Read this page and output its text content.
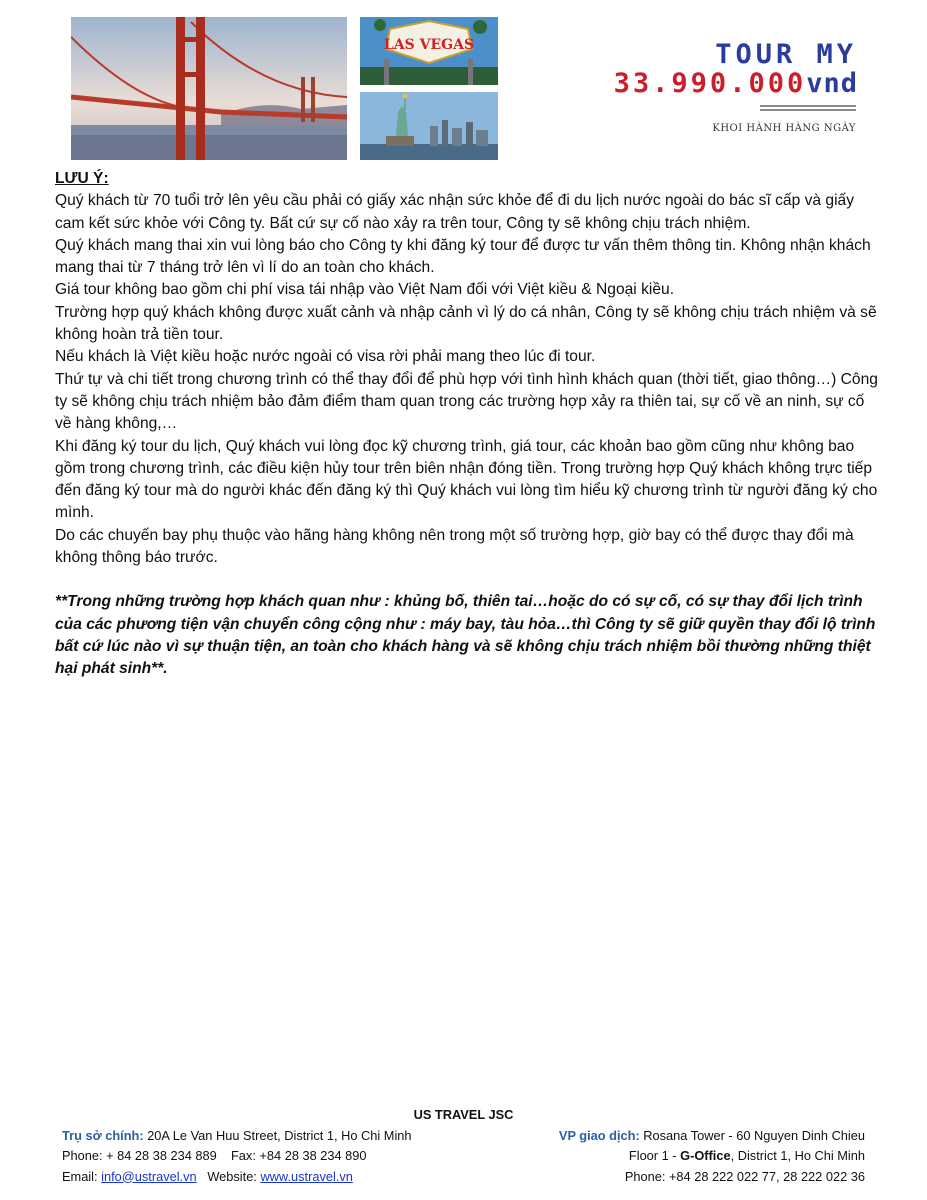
LAS VEGAS	TOUR MY
33.990.000vnd
KHOI HÀNH HÀNG NGÀY

LƯU Ý:

Quý khách từ 70 tuổi trở lên yêu cầu phải có giấy xác nhận sức khỏe để đi du lịch nước ngoài do bác sĩ cấp và giấy cam kết sức khỏe với Công ty. Bất cứ sự cố nào xảy ra trên tour, Công ty sẽ không chịu trách nhiệm.

Quý khách mang thai xin vui lòng báo cho Công ty khi đăng ký tour để được tư vấn thêm thông tin. Không nhận khách mang thai từ 7 tháng trở lên vì lí do an toàn cho khách.

Giá tour không bao gồm chi phí visa tái nhập vào Việt Nam đối với Việt kiều & Ngoại kiều.

Trường hợp quý khách không được xuất cảnh và nhập cảnh vì lý do cá nhân, Công ty sẽ không chịu trách nhiệm và sẽ không hoàn trả tiền tour.

Nếu khách là Việt kiều hoặc nước ngoài có visa rời phải mang theo lúc đi tour.

Thứ tự và chi tiết trong chương trình có thể thay đổi để phù hợp với tình hình khách quan (thời tiết, giao thông…) Công ty sẽ không chịu trách nhiệm bảo đảm điểm tham quan trong các trường hợp xảy ra thiên tai, sự cố về an ninh, sự cố về hàng không,…

Khi đăng ký tour du lịch, Quý khách vui lòng đọc kỹ chương trình, giá tour, các khoản bao gồm cũng như không bao gồm trong chương trình, các điều kiện hủy tour trên biên nhận đóng tiền. Trong trường hợp Quý khách không trực tiếp đến đăng ký tour mà do người khác đến đăng ký thì Quý khách vui lòng tìm hiểu kỹ chương trình từ người đăng ký cho mình.

Do các chuyến bay phụ thuộc vào hãng hàng không nên trong một số trường hợp, giờ bay có thể được thay đổi mà không thông báo trước.

**Trong những trường hợp khách quan như : khủng bố, thiên tai…hoặc do có sự cố, có sự thay đổi lịch trình của các phương tiện vận chuyển công cộng như : máy bay, tàu hỏa…thì Công ty sẽ giữ quyền thay đổi lộ trình bất cứ lúc nào vì sự thuận tiện, an toàn cho khách hàng và sẽ không chịu trách nhiệm bồi thường những thiệt hại phát sinh**.

US TRAVEL JSC
Trụ sở chính: 20A Le Van Huu Street, District 1, Ho Chi Minh
Phone: + 84 28 38 234 889    Fax: +84 28 38 234 890
Email: info@ustravel.vn Website: www.ustravel.vn
VP giao dịch: Rosana Tower - 60 Nguyen Dinh Chieu
Floor 1 - G-Office, District 1, Ho Chi Minh
Phone: +84 28 222 022 77, 28 222 022 36
